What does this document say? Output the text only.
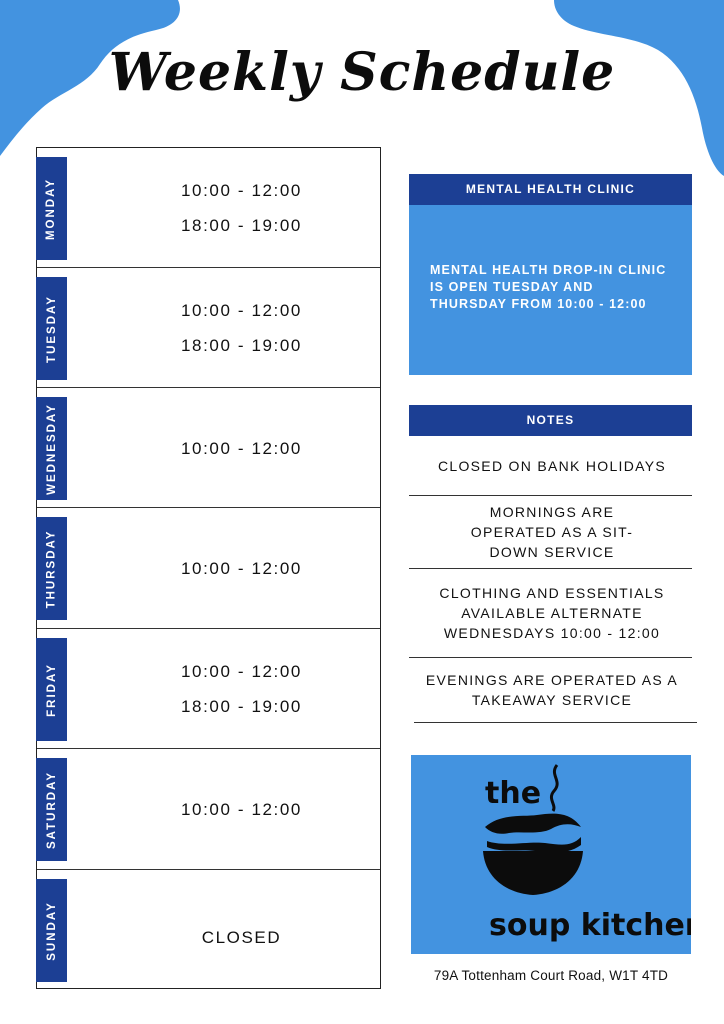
Weekly Schedule
MONDAY	10:00 - 12:00
18:00 - 19:00
TUESDAY	10:00 - 12:00
18:00 - 19:00
WEDNESDAY	10:00 - 12:00
THURSDAY	10:00 - 12:00
FRIDAY	10:00 - 12:00
18:00 - 19:00
SATURDAY	10:00 - 12:00
SUNDAY	CLOSED
MENTAL HEALTH CLINIC
MENTAL HEALTH DROP-IN CLINIC IS OPEN TUESDAY AND THURSDAY FROM 10:00 - 12:00
NOTES
CLOSED ON BANK HOLIDAYS
MORNINGS ARE OPERATED AS A SIT-DOWN SERVICE
CLOTHING AND ESSENTIALS AVAILABLE ALTERNATE WEDNESDAYS 10:00 - 12:00
EVENINGS ARE OPERATED AS A TAKEAWAY SERVICE
the
soup kitchen
79A Tottenham Court Road, W1T 4TD
